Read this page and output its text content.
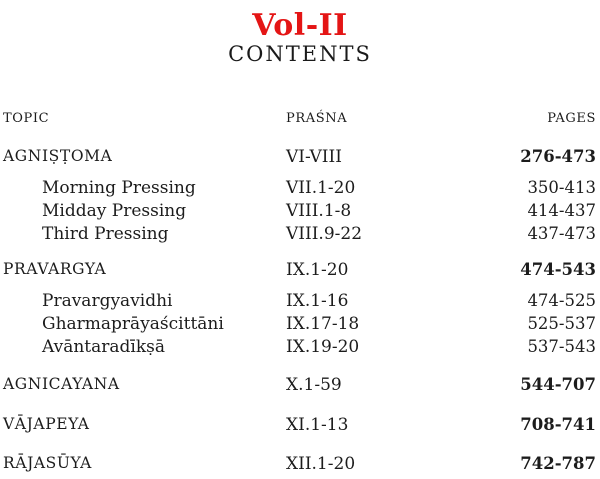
Vol-II
CONTENTS
TOPIC	PRAŚNA	PAGES
AGNIṢṬOMA	VI-VIII	276-473
Morning Pressing	VII.1-20	350-413
Midday Pressing	VIII.1-8	414-437
Third Pressing	VIII.9-22	437-473
PRAVARGYA	IX.1-20	474-543
Pravargyavidhi	IX.1-16	474-525
Gharmaprāyaścittāni	IX.17-18	525-537
Avāntaradīkṣā	IX.19-20	537-543
AGNICAYANA	X.1-59	544-707
VĀJAPEYA	XI.1-13	708-741
RĀJASŪYA	XII.1-20	742-787
